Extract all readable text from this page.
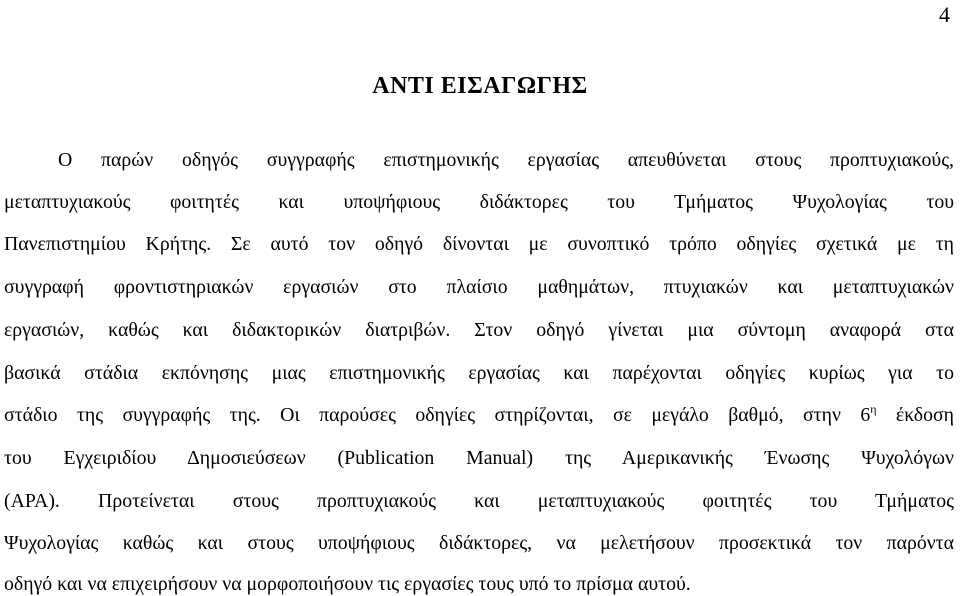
4
ΑΝΤΙ ΕΙΣΑΓΩΓΗΣ
Ο παρών οδηγός συγγραφής επιστημονικής εργασίας απευθύνεται στους προπτυχιακούς,
μεταπτυχιακούς φοιτητές και υποψήφιους διδάκτορες του Τμήματος Ψυχολογίας του
Πανεπιστημίου Κρήτης. Σε αυτό τον οδηγό δίνονται με συνοπτικό τρόπο οδηγίες σχετικά με τη
συγγραφή φροντιστηριακών εργασιών στο πλαίσιο μαθημάτων, πτυχιακών και μεταπτυχιακών
εργασιών, καθώς και διδακτορικών διατριβών. Στον οδηγό γίνεται μια σύντομη αναφορά στα
βασικά στάδια εκπόνησης μιας επιστημονικής εργασίας και παρέχονται οδηγίες κυρίως για το
στάδιο της συγγραφής της. Οι παρούσες οδηγίες στηρίζονται, σε μεγάλο βαθμό, στην $6^\eta$ έκδοση
του Εγχειριδίου Δημοσιεύσεων (Publication Manual) της Αμερικανικής Ένωσης Ψυχολόγων
(APA). Προτείνεται στους προπτυχιακούς και μεταπτυχιακούς φοιτητές του Τμήματος
Ψυχολογίας καθώς και στους υποψήφιους διδάκτορες, να μελετήσουν προσεκτικά τον παρόντα
οδηγό και να επιχειρήσουν να μορφοποιήσουν τις εργασίες τους υπό το πρίσμα αυτού.
